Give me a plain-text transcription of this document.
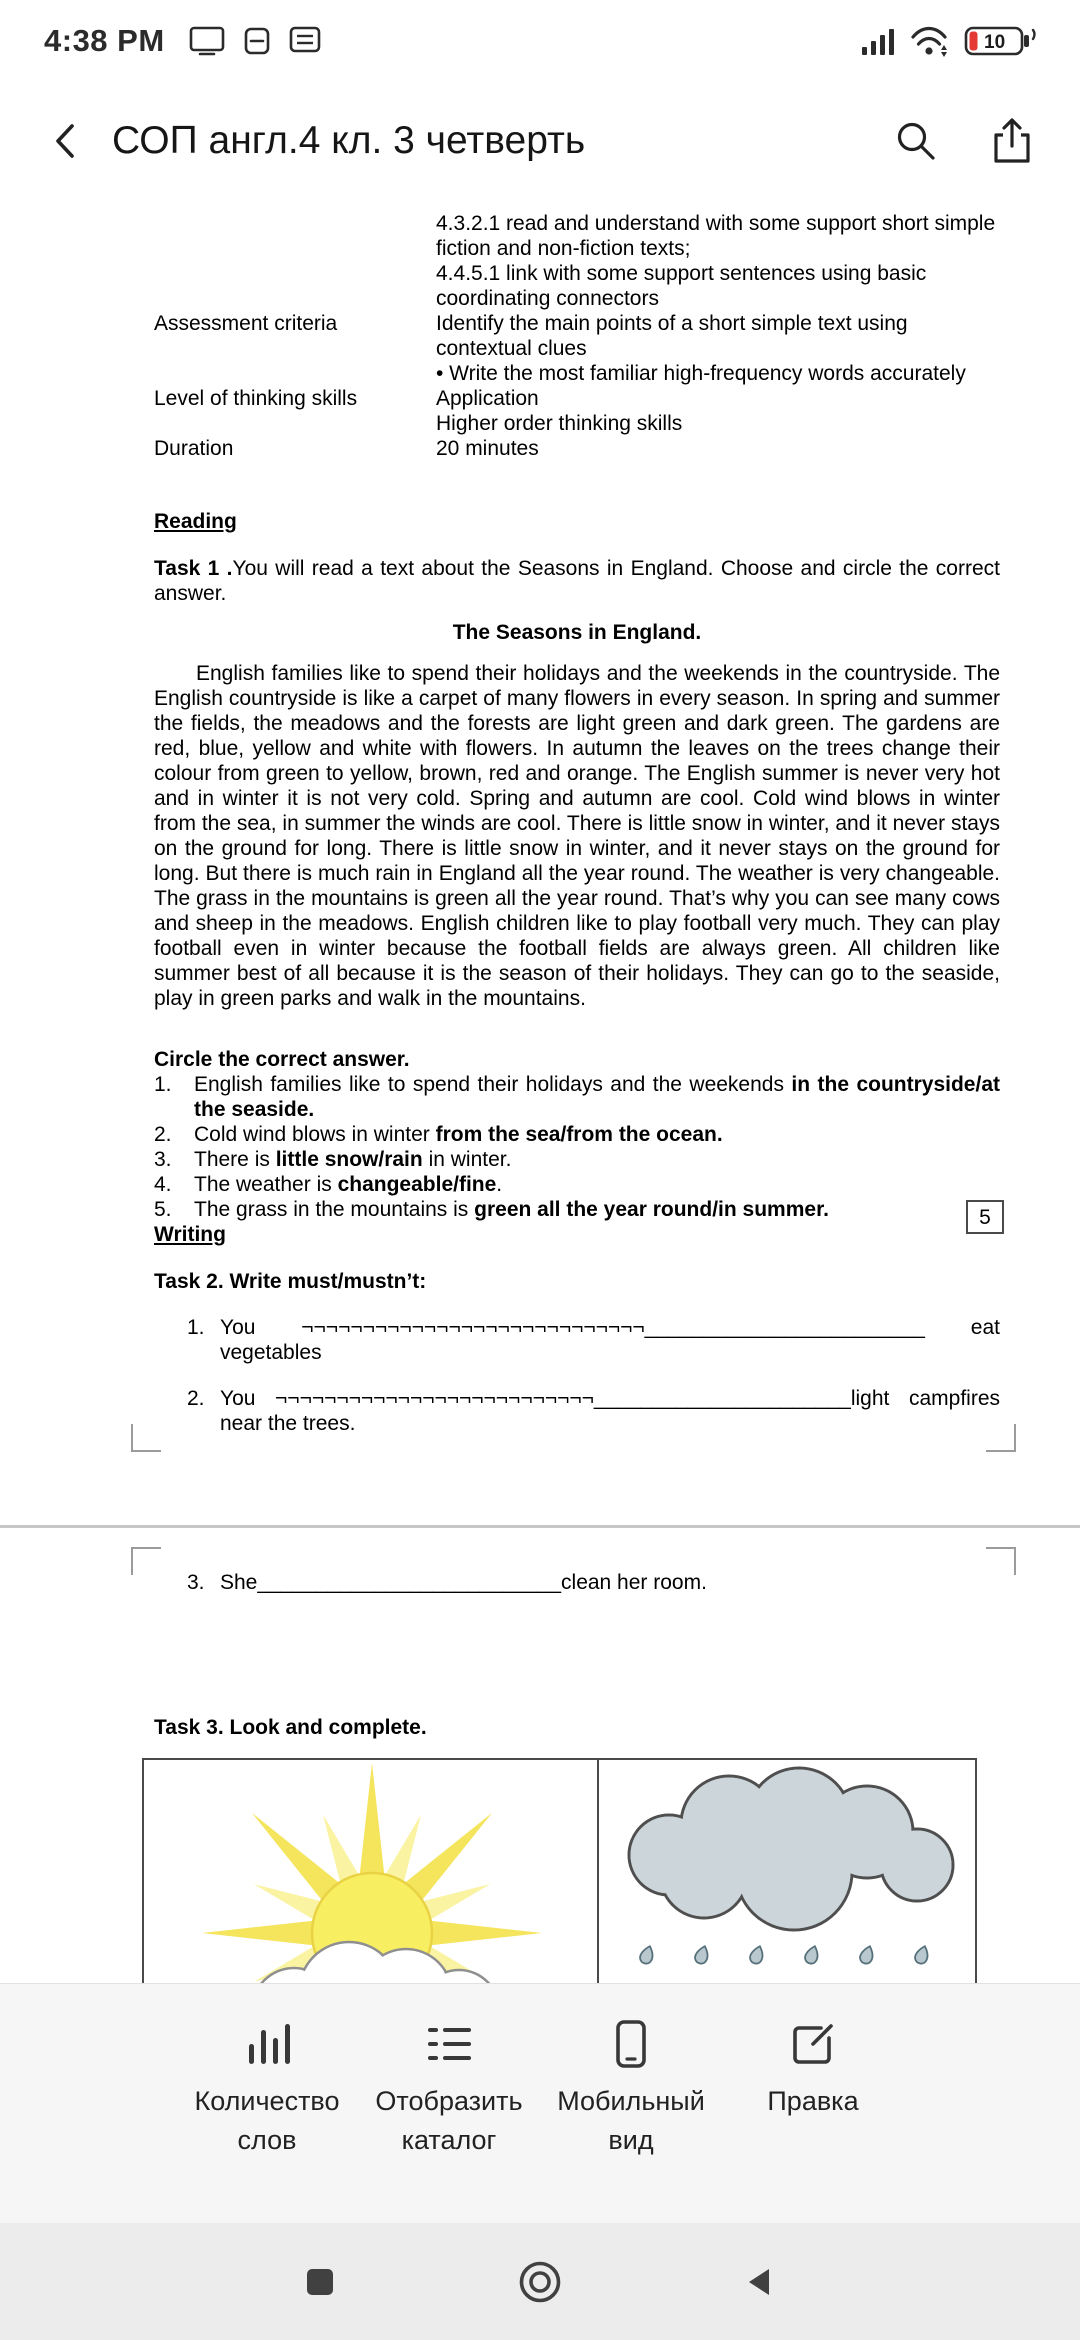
4:38 PM	10
СОП англ.4 кл. 3 четверть

4.3.2.1 read and understand with some support short simple fiction and non-fiction texts;

4.4.5.1 link with some support sentences using basic coordinating connectors

Assessment criteria	Identify the main points of a short simple text using contextual clues

• Write the most familiar high-frequency words accurately

Level of thinking skills	Application

Higher order thinking skills

Duration	20 minutes

Reading
Task 1 .You will read a text about the Seasons in England. Choose and circle the correct answer.
The Seasons in England.
English families like to spend their holidays and the weekends in the countryside. The English countryside is like a carpet of many flowers in every season. In spring and summer the fields, the meadows and the forests are light green and dark green. The gardens are red, blue, yellow and white with flowers. In autumn the leaves on the trees change their colour from green to yellow, brown, red and orange. The English summer is never very hot and in winter it is not very cold. Spring and autumn are cool. Cold wind blows in winter from the sea, in summer the winds are cool. There is little snow in winter, and it never stays on the ground for long. There is little snow in winter, and it never stays on the ground for long. But there is much rain in England all the year round. The weather is very changeable. The grass in the mountains is green all the year round. That’s why you can see many cows and sheep in the meadows. English children like to play football very much. They can play football even in winter because the football fields are always green. All children like summer best of all because it is the season of their holidays. They can go to the seaside, play in green parks and walk in the mountains.
Circle the correct answer.
1.	English families like to spend their holidays and the weekends in the countryside/at the seaside.
2.	Cold wind blows in winter from the sea/from the ocean.
3.	There is little snow/rain in winter.
4.	The weather is changeable/fine.
5.	The grass in the mountains is green all the year round/in summer.
Writing
5
Task 2. Write must/mustn’t:
1. You ¬¬¬¬¬¬¬¬¬¬¬¬¬¬¬¬¬¬¬¬¬¬¬¬¬¬¬¬________________________ eat vegetables
2. You ¬¬¬¬¬¬¬¬¬¬¬¬¬¬¬¬¬¬¬¬¬¬¬¬¬¬______________________light campfires near the trees.
3. She__________________________clean her room.
Task 3. Look and complete.
Количество слов
Отобразить каталог
Мобильный вид
Правка
